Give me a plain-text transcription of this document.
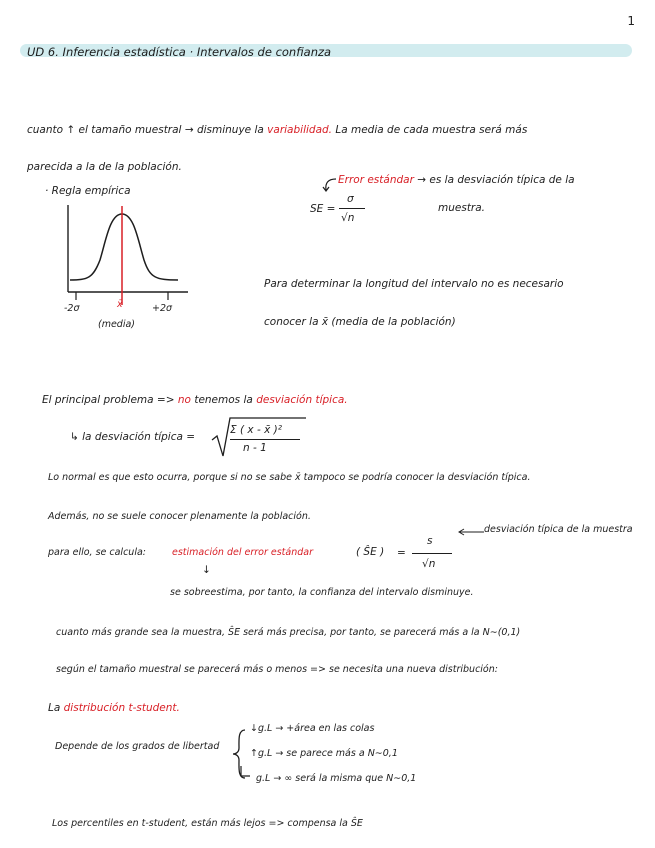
1
UD 6. Inferencia estadística · Intervalos de confianza
cuanto ↑ el tamaño muestral → disminuye la variabilidad. La media de cada muestra será más
parecida a la de la población.
· Regla empírica
-2σ	x̄	+2σ
(media)
Error estándar → es la desviación típica de la
muestra.
SE =
σ
√n
Para determinar la longitud del intervalo no es necesario
conocer la x̄ (media de la población)
El principal problema => no tenemos la desviación típica.
↳ la desviación típica =
Σ ( x - x̄ )²
n - 1
Lo normal es que esto ocurra, porque si no se sabe x̄ tampoco se podría conocer la desviación típica.
Además, no se suele conocer plenamente la población.
para ello, se calcula:	estimación del error estándar	( ŜE ) =
s
√n
desviación típica de la muestra
↓
se sobreestima, por tanto, la confianza del intervalo disminuye.
cuanto más grande sea la muestra, ŜE será más precisa, por tanto, se parecerá más a la N∼(0,1)
según el tamaño muestral se parecerá más o menos => se necesita una nueva distribución:
La distribución t-student.
Depende de los grados de libertad
↓g.L → +área en las colas
↑g.L → se parece más a N∼0,1
g.L → ∞ será la misma que N∼0,1
Los percentiles en t-student, están más lejos => compensa la ŜE
